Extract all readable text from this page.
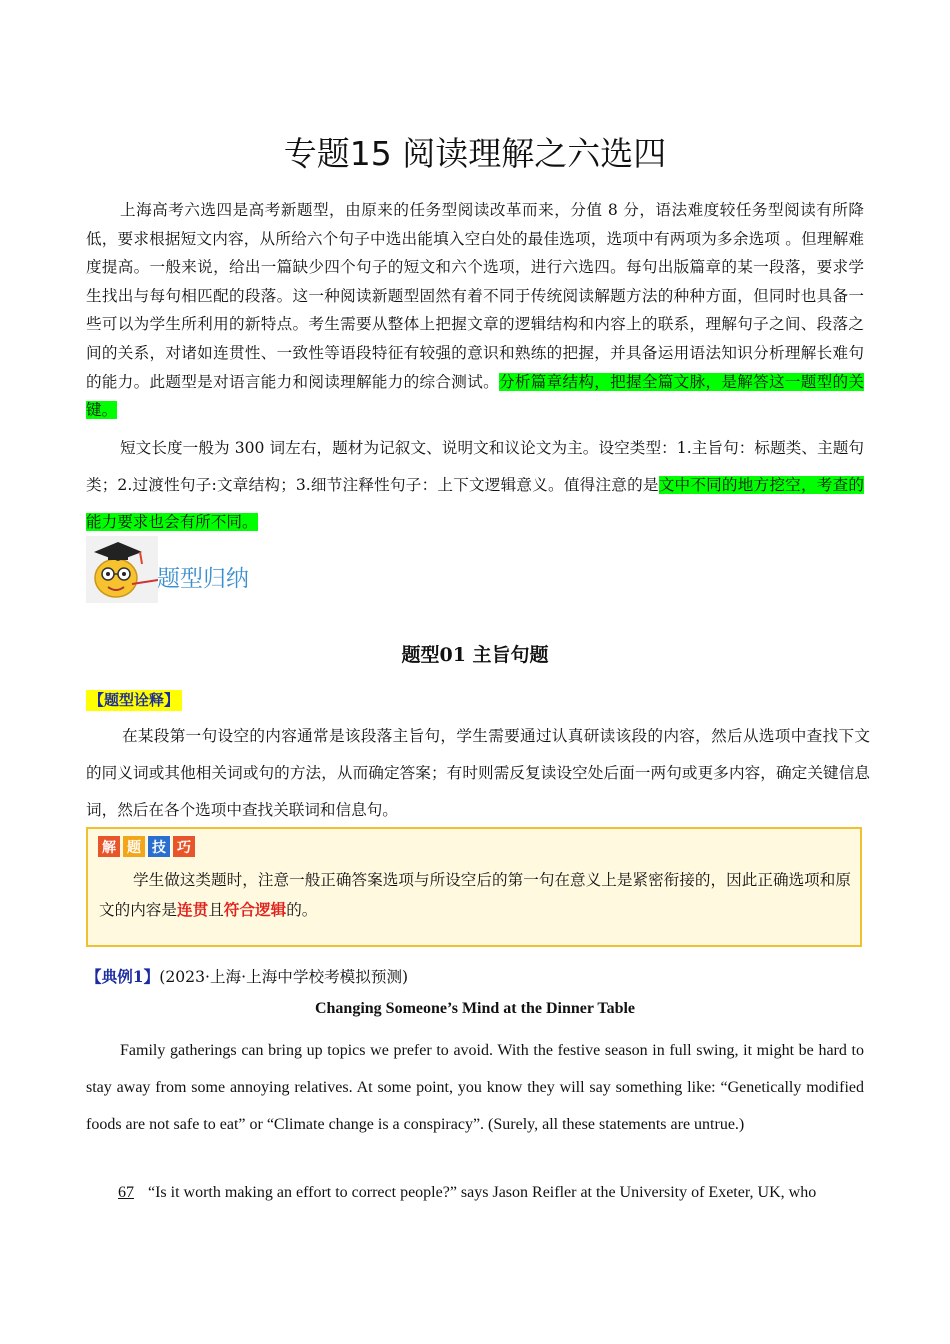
专题15 阅读理解之六选四
上海高考六选四是高考新题型，由原来的任务型阅读改革而来，分值 8 分，语法难度较任务型阅读有所降低，要求根据短文内容，从所给六个句子中选出能填入空白处的最佳选项，选项中有两项为多余选项 。但理解难度提高。一般来说，给出一篇缺少四个句子的短文和六个选项，进行六选四。每句出版篇章的某一段落，要求学生找出与每句相匹配的段落。这一种阅读新题型固然有着不同于传统阅读解题方法的种种方面，但同时也具备一些可以为学生所利用的新特点。考生需要从整体上把握文章的逻辑结构和内容上的联系，理解句子之间、段落之间的关系，对诸如连贯性、一致性等语段特征有较强的意识和熟练的把握，并具备运用语法知识分析理解长难句的能力。此题型是对语言能力和阅读理解能力的综合测试。分析篇章结构，把握全篇文脉，是解答这一题型的关键。
短文长度一般为 300 词左右，题材为记叙文、说明文和议论文为主。设空类型：1.主旨句：标题类、主题句类；2.过渡性句子:文章结构；3.细节注释性句子：上下文逻辑意义。值得注意的是文中不同的地方挖空，考查的能力要求也会有所不同。
题型归纳
题型01 主旨句题
【题型诠释】
在某段第一句设空的内容通常是该段落主旨句，学生需要通过认真研读该段的内容，然后从选项中查找下文的同义词或其他相关词或句的方法，从而确定答案；有时则需反复读设空处后面一两句或更多内容，确定关键信息词，然后在各个选项中查找关联词和信息句。
解 题 技 巧
学生做这类题时，注意一般正确答案选项与所设空后的第一句在意义上是紧密衔接的，因此正确选项和原文的内容是连贯且符合逻辑的。
【典例1】(2023·上海·上海中学校考模拟预测)
Changing Someone’s Mind at the Dinner Table
Family gatherings can bring up topics we prefer to avoid. With the festive season in full swing, it might be hard to stay away from some annoying relatives. At some point, you know they will say something like: “Genetically modified foods are not safe to eat” or “Climate change is a conspiracy”. (Surely, all these statements are untrue.)
67 “Is it worth making an effort to correct people?” says Jason Reifler at the University of Exeter, UK, who
